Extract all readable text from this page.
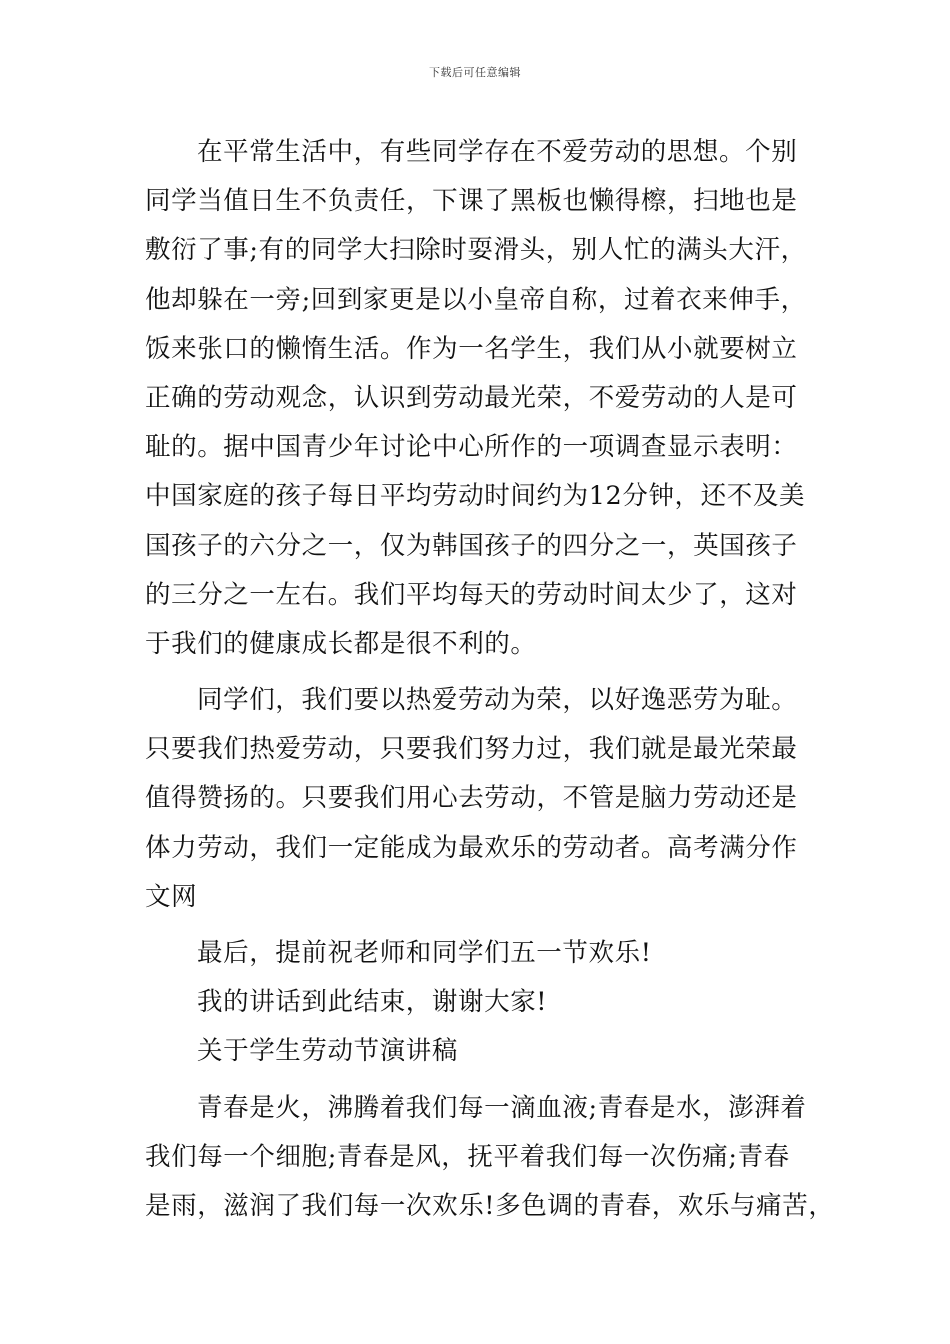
下载后可任意编辑
在平常生活中，有些同学存在不爱劳动的思想。个别
同学当值日生不负责任，下课了黑板也懒得檫，扫地也是
敷衍了事;有的同学大扫除时耍滑头，别人忙的满头大汗，
他却躲在一旁;回到家更是以小皇帝自称，过着衣来伸手，
饭来张口的懒惰生活。作为一名学生，我们从小就要树立
正确的劳动观念，认识到劳动最光荣，不爱劳动的人是可
耻的。据中国青少年讨论中心所作的一项调查显示表明：
中国家庭的孩子每日平均劳动时间约为12分钟，还不及美
国孩子的六分之一，仅为韩国孩子的四分之一，英国孩子
的三分之一左右。我们平均每天的劳动时间太少了，这对
于我们的健康成长都是很不利的。
同学们，我们要以热爱劳动为荣，以好逸恶劳为耻。
只要我们热爱劳动，只要我们努力过，我们就是最光荣最
值得赞扬的。只要我们用心去劳动，不管是脑力劳动还是
体力劳动，我们一定能成为最欢乐的劳动者。高考满分作
文网
最后，提前祝老师和同学们五一节欢乐!
我的讲话到此结束，谢谢大家!
关于学生劳动节演讲稿
青春是火，沸腾着我们每一滴血液;青春是水，澎湃着
我们每一个细胞;青春是风，抚平着我们每一次伤痛;青春
是雨，滋润了我们每一次欢乐!多色调的青春，欢乐与痛苦，
